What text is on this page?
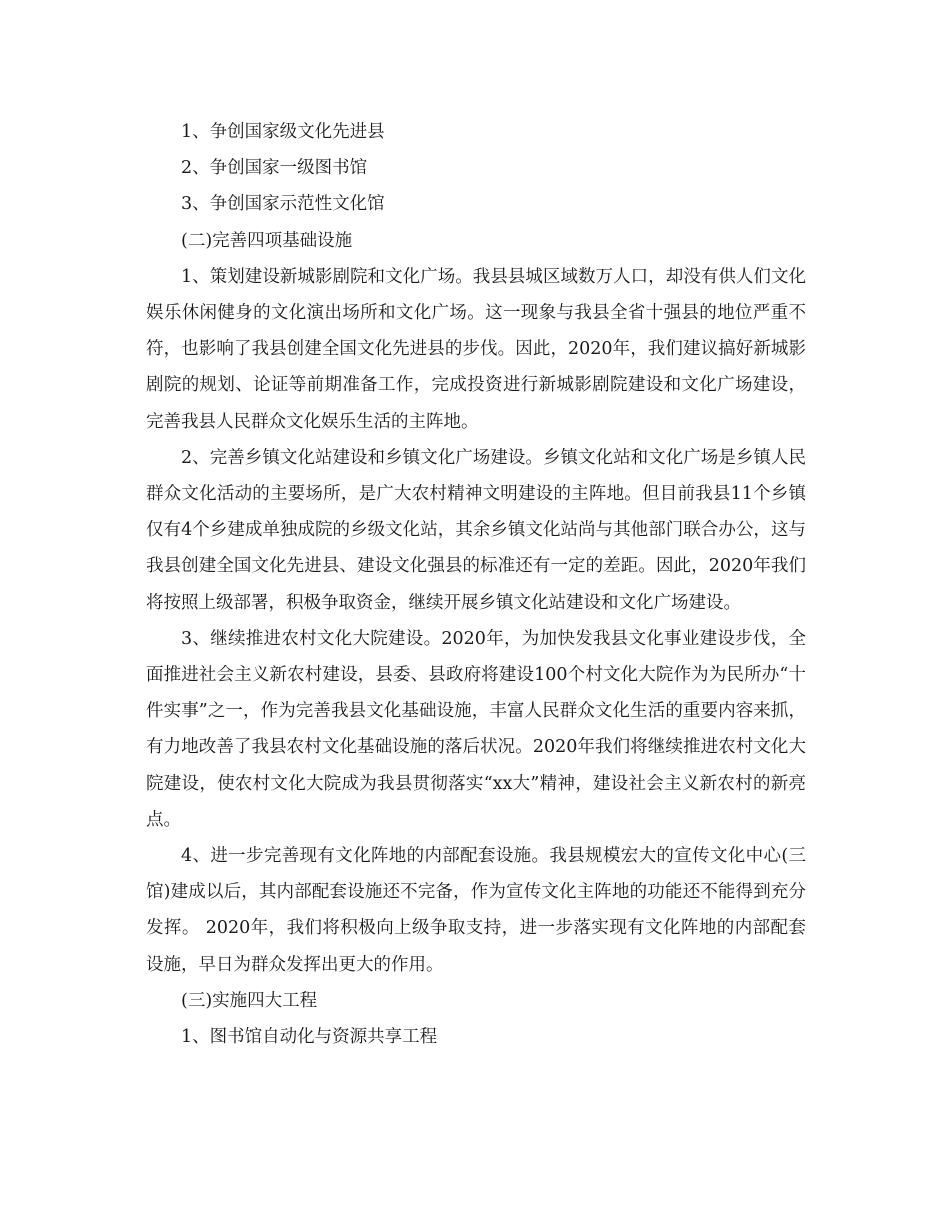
1、争创国家级文化先进县

2、争创国家一级图书馆

3、争创国家示范性文化馆

(二)完善四项基础设施

1、策划建设新城影剧院和文化广场。我县县城区域数万人口，却没有供人们文化娱乐休闲健身的文化演出场所和文化广场。这一现象与我县全省十强县的地位严重不符，也影响了我县创建全国文化先进县的步伐。因此，2020年，我们建议搞好新城影剧院的规划、论证等前期准备工作，完成投资进行新城影剧院建设和文化广场建设，完善我县人民群众文化娱乐生活的主阵地。

2、完善乡镇文化站建设和乡镇文化广场建设。乡镇文化站和文化广场是乡镇人民群众文化活动的主要场所，是广大农村精神文明建设的主阵地。但目前我县11个乡镇仅有4个乡建成单独成院的乡级文化站，其余乡镇文化站尚与其他部门联合办公，这与我县创建全国文化先进县、建设文化强县的标准还有一定的差距。因此，2020年我们将按照上级部署，积极争取资金，继续开展乡镇文化站建设和文化广场建设。

3、继续推进农村文化大院建设。2020年，为加快发我县文化事业建设步伐，全面推进社会主义新农村建设，县委、县政府将建设100个村文化大院作为为民所办“十件实事”之一，作为完善我县文化基础设施，丰富人民群众文化生活的重要内容来抓，有力地改善了我县农村文化基础设施的落后状况。2020年我们将继续推进农村文化大院建设，使农村文化大院成为我县贯彻落实“xx大”精神，建设社会主义新农村的新亮点。

4、进一步完善现有文化阵地的内部配套设施。我县规模宏大的宣传文化中心(三馆)建成以后，其内部配套设施还不完备，作为宣传文化主阵地的功能还不能得到充分发挥。 2020年，我们将积极向上级争取支持，进一步落实现有文化阵地的内部配套设施，早日为群众发挥出更大的作用。

(三)实施四大工程

1、图书馆自动化与资源共享工程
